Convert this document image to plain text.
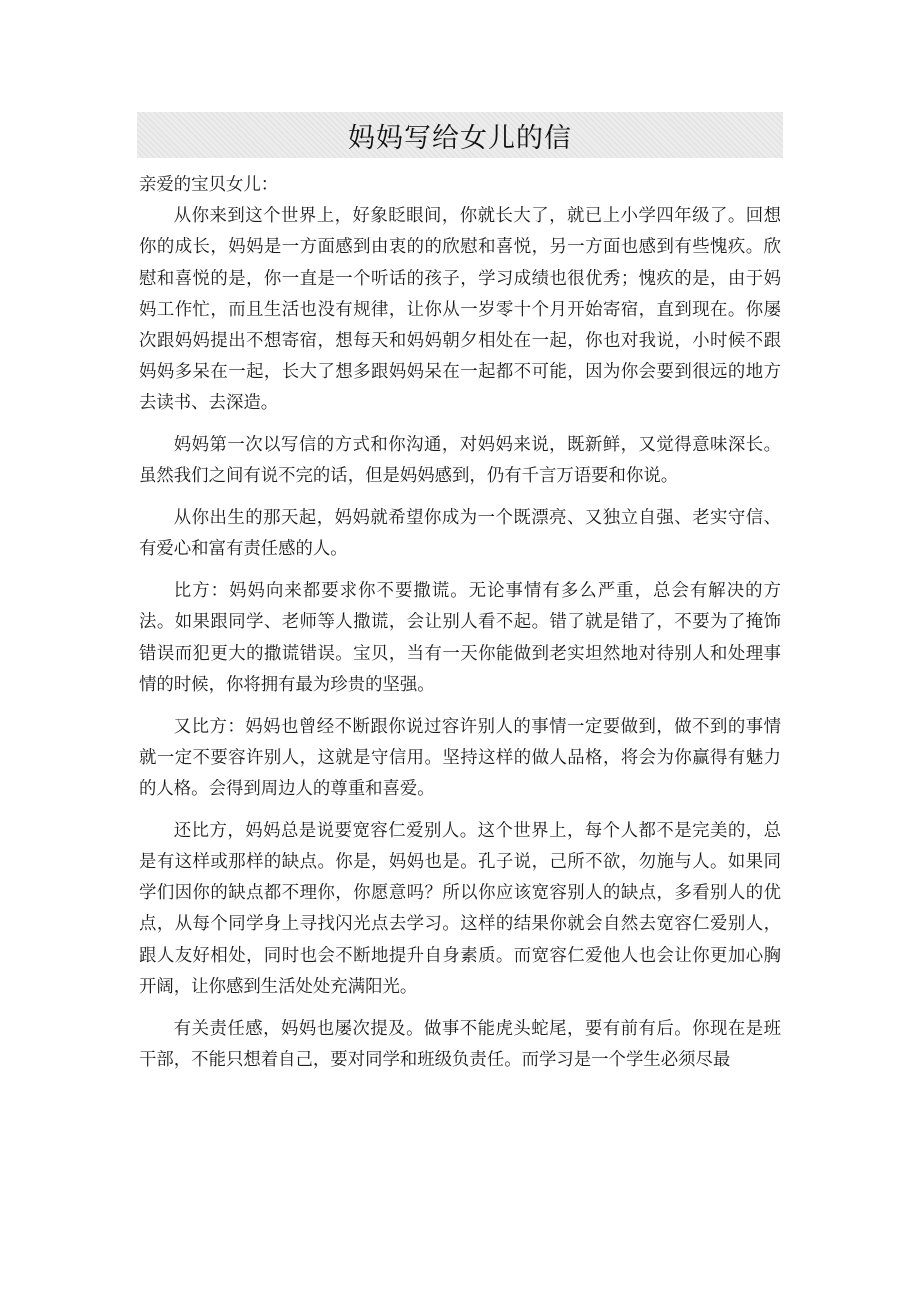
妈妈写给女儿的信

亲爱的宝贝女儿：

从你来到这个世界上，好象眨眼间，你就长大了，就已上小学四年级了。回想你的成长，妈妈是一方面感到由衷的的欣慰和喜悦，另一方面也感到有些愧疚。欣慰和喜悦的是，你一直是一个听话的孩子，学习成绩也很优秀；愧疚的是，由于妈妈工作忙，而且生活也没有规律，让你从一岁零十个月开始寄宿，直到现在。你屡次跟妈妈提出不想寄宿，想每天和妈妈朝夕相处在一起，你也对我说，小时候不跟妈妈多呆在一起，长大了想多跟妈妈呆在一起都不可能，因为你会要到很远的地方去读书、去深造。

妈妈第一次以写信的方式和你沟通，对妈妈来说，既新鲜，又觉得意味深长。虽然我们之间有说不完的话，但是妈妈感到，仍有千言万语要和你说。

从你出生的那天起，妈妈就希望你成为一个既漂亮、又独立自强、老实守信、有爱心和富有责任感的人。

比方：妈妈向来都要求你不要撒谎。无论事情有多么严重，总会有解决的方法。如果跟同学、老师等人撒谎，会让别人看不起。错了就是错了，不要为了掩饰错误而犯更大的撒谎错误。宝贝，当有一天你能做到老实坦然地对待别人和处理事情的时候，你将拥有最为珍贵的坚强。

又比方：妈妈也曾经不断跟你说过容许别人的事情一定要做到，做不到的事情就一定不要容许别人，这就是守信用。坚持这样的做人品格，将会为你赢得有魅力的人格。会得到周边人的尊重和喜爱。

还比方，妈妈总是说要宽容仁爱别人。这个世界上，每个人都不是完美的，总是有这样或那样的缺点。你是，妈妈也是。孔子说，己所不欲，勿施与人。如果同学们因你的缺点都不理你，你愿意吗？所以你应该宽容别人的缺点，多看别人的优点，从每个同学身上寻找闪光点去学习。这样的结果你就会自然去宽容仁爱别人，跟人友好相处，同时也会不断地提升自身素质。而宽容仁爱他人也会让你更加心胸开阔，让你感到生活处处充满阳光。

有关责任感，妈妈也屡次提及。做事不能虎头蛇尾，要有前有后。你现在是班干部，不能只想着自己，要对同学和班级负责任。而学习是一个学生必须尽最
